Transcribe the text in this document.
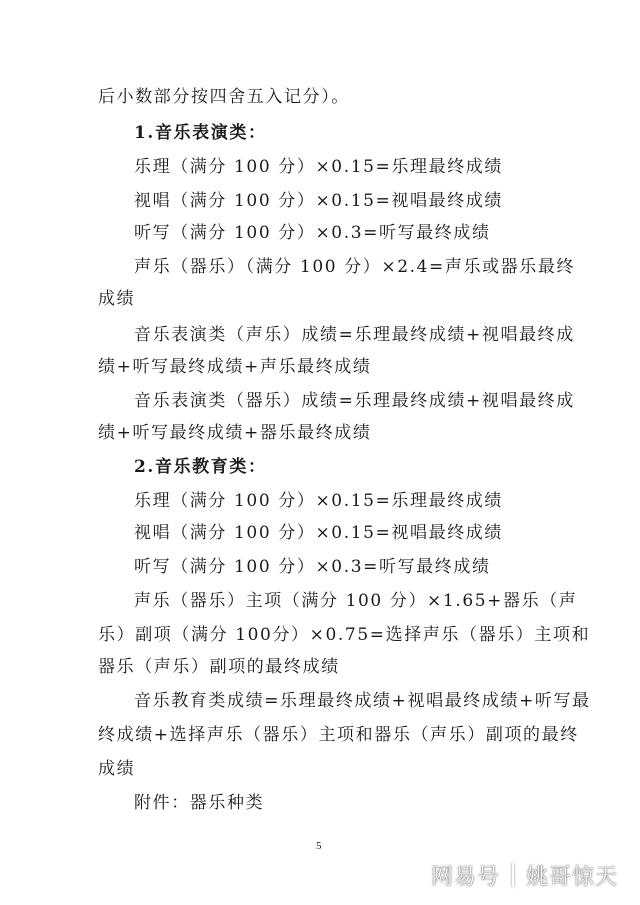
后小数部分按四舍五入记分）。
1.音乐表演类：
乐理（满分 100 分）×0.15=乐理最终成绩
视唱（满分 100 分）×0.15=视唱最终成绩
听写（满分 100 分）×0.3=听写最终成绩
声乐（器乐）（满分 100 分）×2.4=声乐或器乐最终
成绩
音乐表演类（声乐）成绩=乐理最终成绩+视唱最终成
绩+听写最终成绩+声乐最终成绩
音乐表演类（器乐）成绩=乐理最终成绩+视唱最终成
绩+听写最终成绩+器乐最终成绩
2.音乐教育类：
乐理（满分 100 分）×0.15=乐理最终成绩
视唱（满分 100 分）×0.15=视唱最终成绩
听写（满分 100 分）×0.3=听写最终成绩
声乐（器乐）主项（满分 100 分）×1.65+器乐（声
乐）副项（满分 100分）×0.75=选择声乐（器乐）主项和
器乐（声乐）副项的最终成绩
音乐教育类成绩=乐理最终成绩+视唱最终成绩+听写最
终成绩+选择声乐（器乐）主项和器乐（声乐）副项的最终
成绩
附件：器乐种类
5
网易号 姚哥惊天
